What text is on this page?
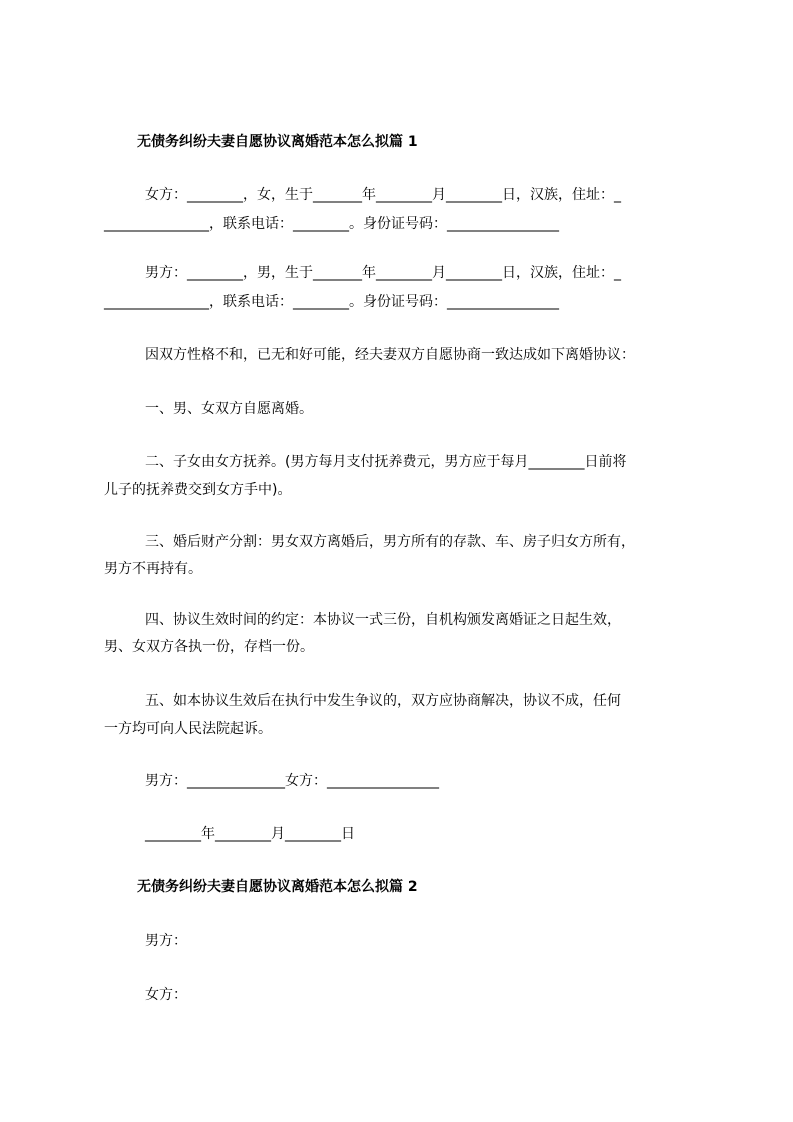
无债务纠纷夫妻自愿协议离婚范本怎么拟篇 1
女方：________，女，生于_______年________月________日，汉族，住址：_
_______________，联系电话：________。身份证号码：________________
男方：________，男，生于_______年________月________日，汉族，住址：_
_______________，联系电话：________。身份证号码：________________
因双方性格不和，已无和好可能，经夫妻双方自愿协商一致达成如下离婚协议：
一、男、女双方自愿离婚。
二、子女由女方抚养。(男方每月支付抚养费元，男方应于每月________日前将
儿子的抚养费交到女方手中)。
三、婚后财产分割：男女双方离婚后，男方所有的存款、车、房子归女方所有，
男方不再持有。
四、协议生效时间的约定：本协议一式三份，自机构颁发离婚证之日起生效，
男、女双方各执一份，存档一份。
五、如本协议生效后在执行中发生争议的，双方应协商解决，协议不成，任何
一方均可向人民法院起诉。
男方：______________女方：________________
________年________月________日
无债务纠纷夫妻自愿协议离婚范本怎么拟篇 2
男方：
女方：
